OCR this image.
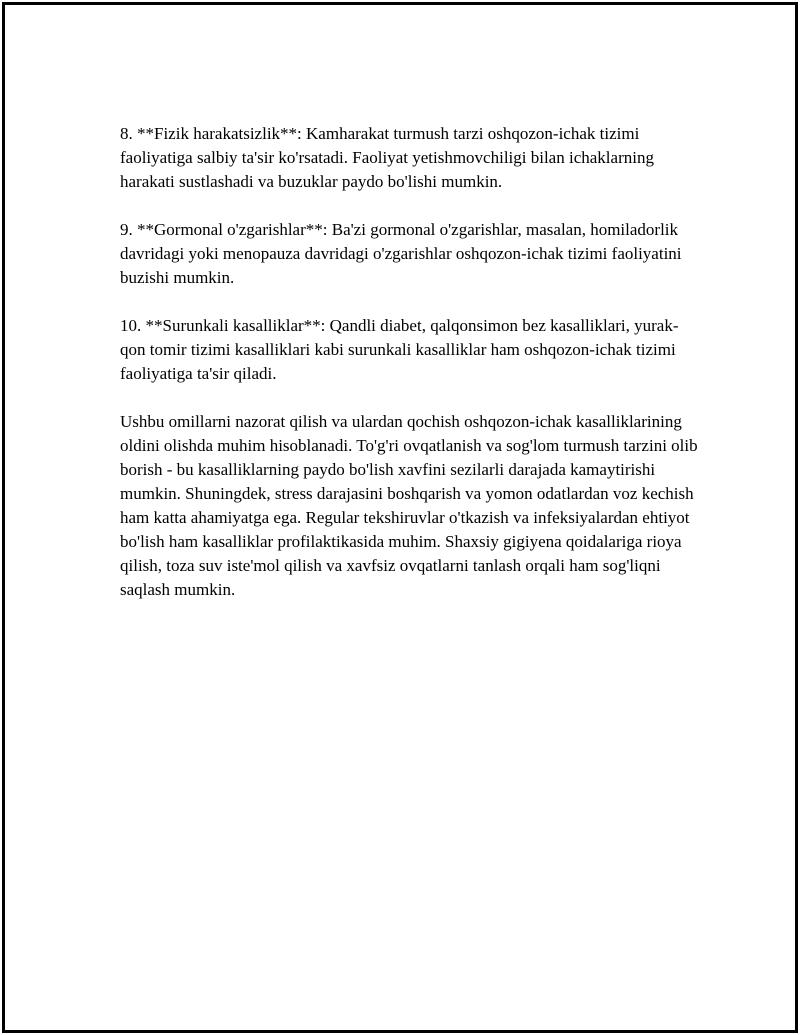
8. **Fizik harakatsizlik**: Kamharakat turmush tarzi oshqozon-ichak tizimi faoliyatiga salbiy ta'sir ko'rsatadi. Faoliyat yetishmovchiligi bilan ichaklarning harakati sustlashadi va buzuklar paydo bo'lishi mumkin.

9. **Gormonal o'zgarishlar**: Ba'zi gormonal o'zgarishlar, masalan, homiladorlik davridagi yoki menopauza davridagi o'zgarishlar oshqozon-ichak tizimi faoliyatini buzishi mumkin.

10. **Surunkali kasalliklar**: Qandli diabet, qalqonsimon bez kasalliklari, yurak-qon tomir tizimi kasalliklari kabi surunkali kasalliklar ham oshqozon-ichak tizimi faoliyatiga ta'sir qiladi.

Ushbu omillarni nazorat qilish va ulardan qochish oshqozon-ichak kasalliklarining oldini olishda muhim hisoblanadi. To'g'ri ovqatlanish va sog'lom turmush tarzini olib borish - bu kasalliklarning paydo bo'lish xavfini sezilarli darajada kamaytirishi mumkin. Shuningdek, stress darajasini boshqarish va yomon odatlardan voz kechish ham katta ahamiyatga ega. Regular tekshiruvlar o'tkazish va infeksiyalardan ehtiyot bo'lish ham kasalliklar profilaktikasida muhim. Shaxsiy gigiyena qoidalariga rioya qilish, toza suv iste'mol qilish va xavfsiz ovqatlarni tanlash orqali ham sog'liqni saqlash mumkin.
